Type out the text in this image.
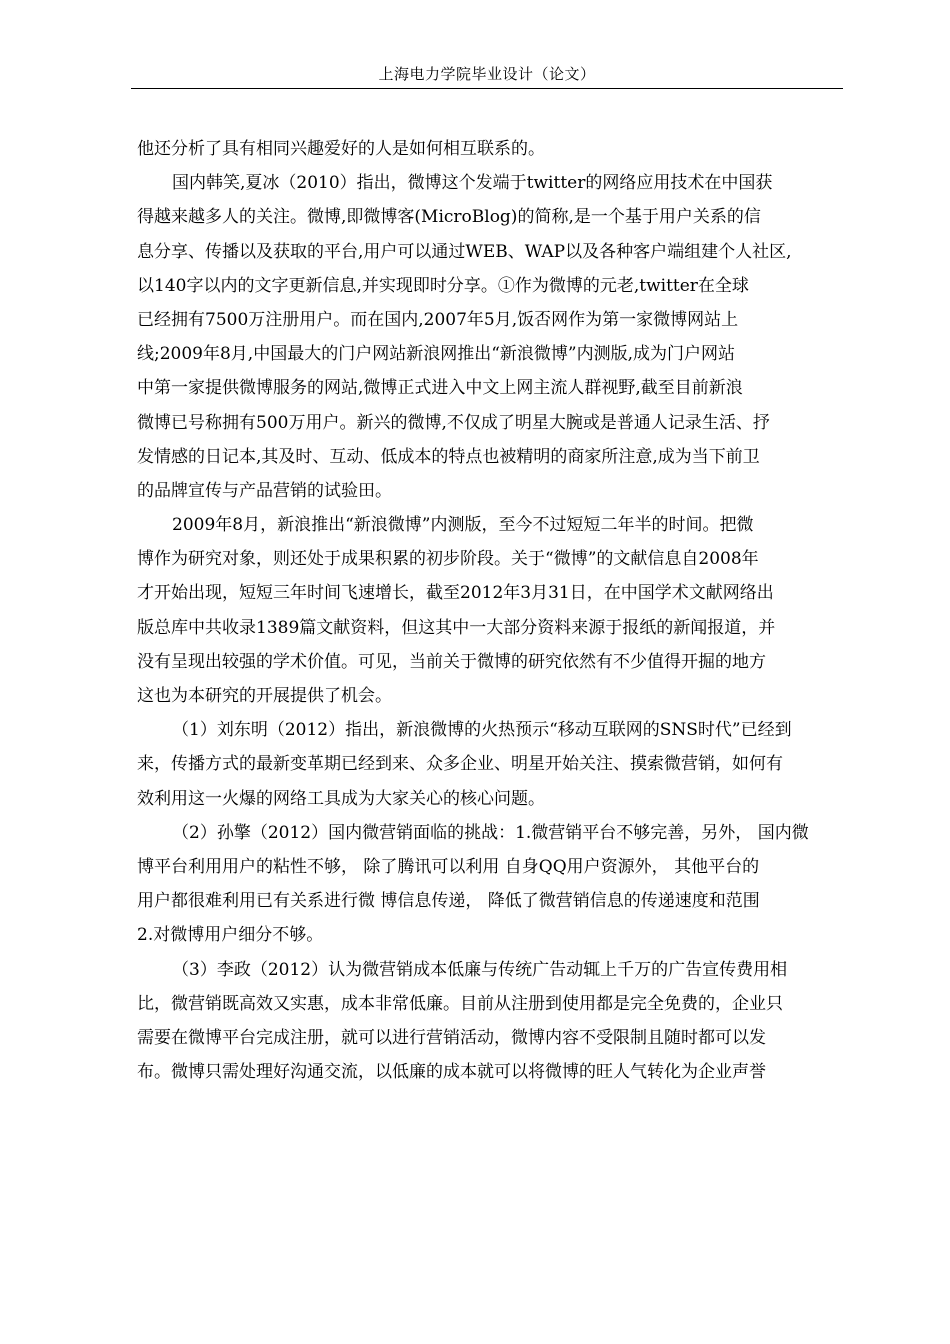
上海电力学院毕业设计（论文）
他还分析了具有相同兴趣爱好的人是如何相互联系的。
国内韩笑,夏冰（2010）指出，微博这个发端于twitter的网络应用技术在中国获
得越来越多人的关注。微博,即微博客(MicroBlog)的简称,是一个基于用户关系的信
息分享、传播以及获取的平台,用户可以通过WEB、WAP以及各种客户端组建个人社区,
以140字以内的文字更新信息,并实现即时分享。①作为微博的元老,twitter在全球
已经拥有7500万注册用户。而在国内,2007年5月,饭否网作为第一家微博网站上
线;2009年8月,中国最大的门户网站新浪网推出“新浪微博”内测版,成为门户网站
中第一家提供微博服务的网站,微博正式进入中文上网主流人群视野,截至目前新浪
微博已号称拥有500万用户。新兴的微博,不仅成了明星大腕或是普通人记录生活、抒
发情感的日记本,其及时、互动、低成本的特点也被精明的商家所注意,成为当下前卫
的品牌宣传与产品营销的试验田。
2009年8月，新浪推出“新浪微博”内测版，至今不过短短二年半的时间。把微
博作为研究对象，则还处于成果积累的初步阶段。关于“微博”的文献信息自2008年
才开始出现，短短三年时间飞速增长，截至2012年3月31日，在中国学术文献网络出
版总库中共收录1389篇文献资料，但这其中一大部分资料来源于报纸的新闻报道，并
没有呈现出较强的学术价值。可见，当前关于微博的研究依然有不少值得开掘的地方
这也为本研究的开展提供了机会。
（1）刘东明（2012）指出，新浪微博的火热预示“移动互联网的SNS时代”已经到
来，传播方式的最新变革期已经到来、众多企业、明星开始关注、摸索微营销，如何有
效利用这一火爆的网络工具成为大家关心的核心问题。
（2）孙擎（2012）国内微营销面临的挑战：1.微营销平台不够完善，另外， 国内微
博平台利用用户的粘性不够， 除了腾讯可以利用 自身QQ用户资源外， 其他平台的
用户都很难利用已有关系进行微 博信息传递， 降低了微营销信息的传递速度和范围
2.对微博用户细分不够。
（3）李政（2012）认为微营销成本低廉与传统广告动辄上千万的广告宣传费用相
比，微营销既高效又实惠，成本非常低廉。目前从注册到使用都是完全免费的，企业只
需要在微博平台完成注册，就可以进行营销活动，微博内容不受限制且随时都可以发
布。微博只需处理好沟通交流，以低廉的成本就可以将微博的旺人气转化为企业声誉
